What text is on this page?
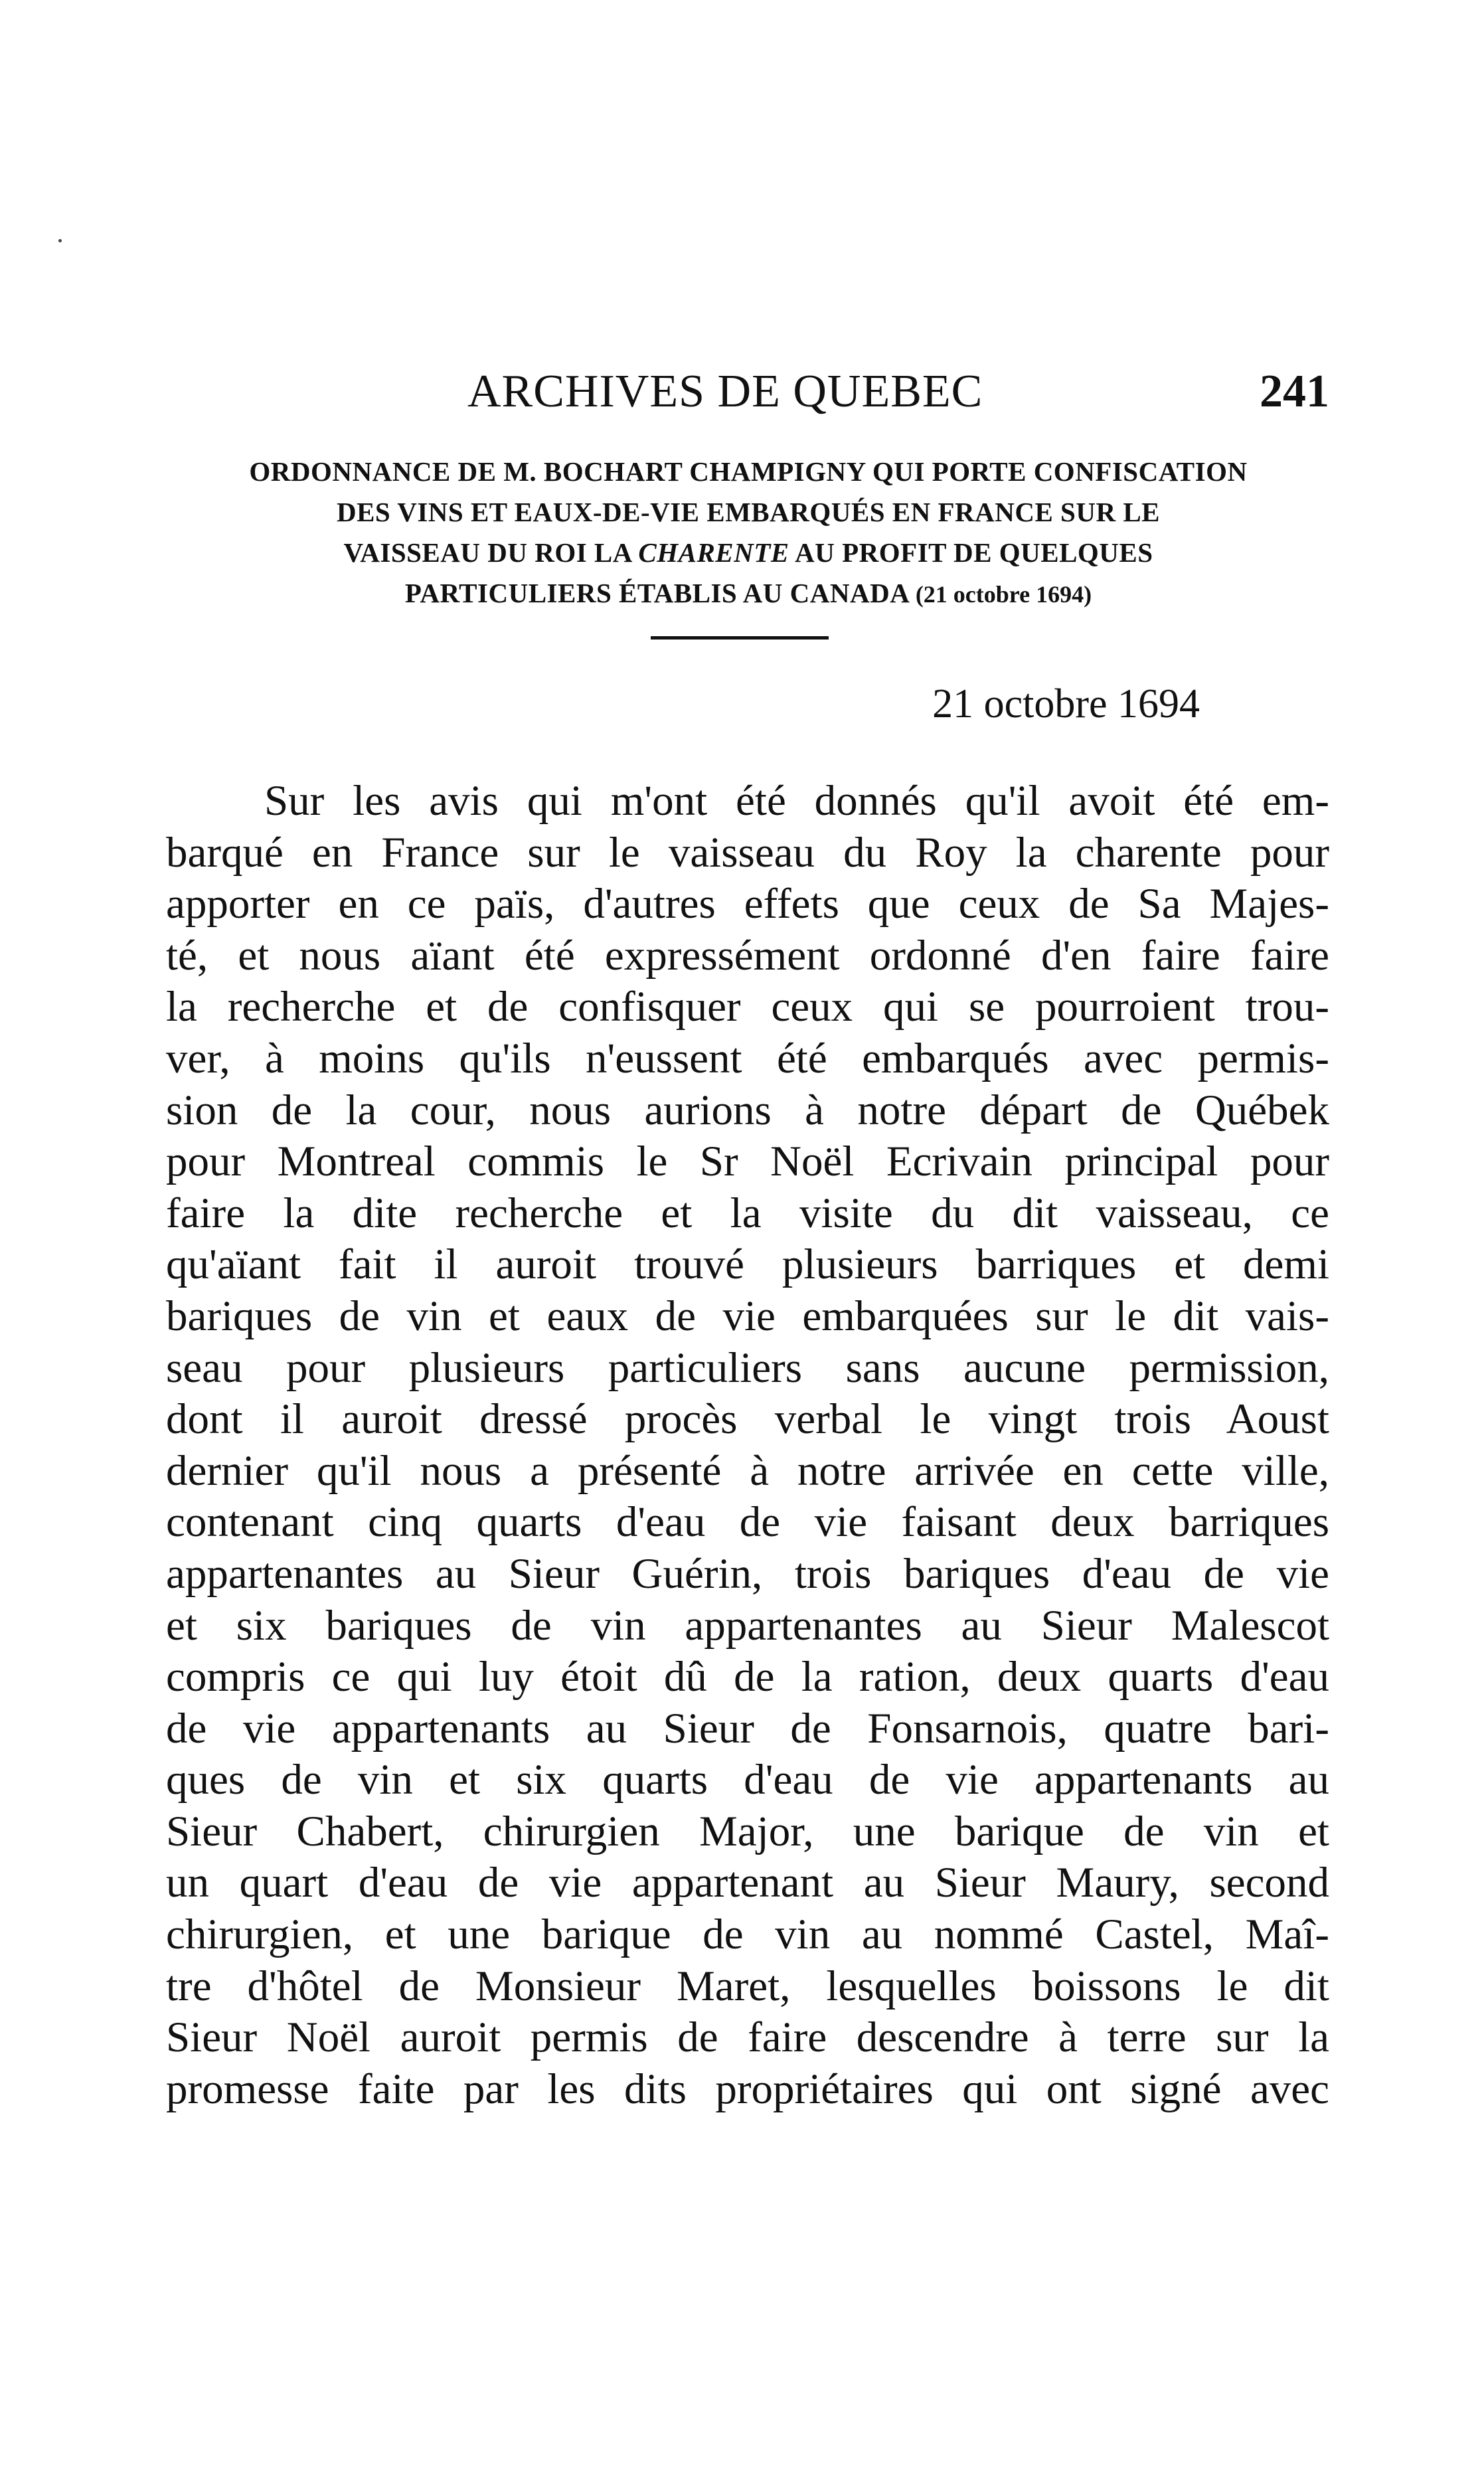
ARCHIVES DE QUEBEC	241
ORDONNANCE DE M. BOCHART CHAMPIGNY QUI PORTE CONFISCATION
DES VINS ET EAUX-DE-VIE EMBARQUÉS EN FRANCE SUR LE
VAISSEAU DU ROI LA CHARENTE AU PROFIT DE QUELQUES
PARTICULIERS ÉTABLIS AU CANADA (21 octobre 1694)
21 octobre 1694
Sur les avis qui m'ont été donnés qu'il avoit été em-
barqué en France sur le vaisseau du Roy la charente pour
apporter en ce païs, d'autres effets que ceux de Sa Majes-
té, et nous aïant été expressément ordonné d'en faire faire
la recherche et de confisquer ceux qui se pourroient trou-
ver, à moins qu'ils n'eussent été embarqués avec permis-
sion de la cour, nous aurions à notre départ de Québek
pour Montreal commis le Sr Noël Ecrivain principal pour
faire la dite recherche et la visite du dit vaisseau, ce
qu'aïant fait il auroit trouvé plusieurs barriques et demi
bariques de vin et eaux de vie embarquées sur le dit vais-
seau pour plusieurs particuliers sans aucune permission,
dont il auroit dressé procès verbal le vingt trois Aoust
dernier qu'il nous a présenté à notre arrivée en cette ville,
contenant cinq quarts d'eau de vie faisant deux barriques
appartenantes au Sieur Guérin, trois bariques d'eau de vie
et six bariques de vin appartenantes au Sieur Malescot
compris ce qui luy étoit dû de la ration, deux quarts d'eau
de vie appartenants au Sieur de Fonsarnois, quatre bari-
ques de vin et six quarts d'eau de vie appartenants au
Sieur Chabert, chirurgien Major, une barique de vin et
un quart d'eau de vie appartenant au Sieur Maury, second
chirurgien, et une barique de vin au nommé Castel, Maî-
tre d'hôtel de Monsieur Maret, lesquelles boissons le dit
Sieur Noël auroit permis de faire descendre à terre sur la
promesse faite par les dits propriétaires qui ont signé avec
